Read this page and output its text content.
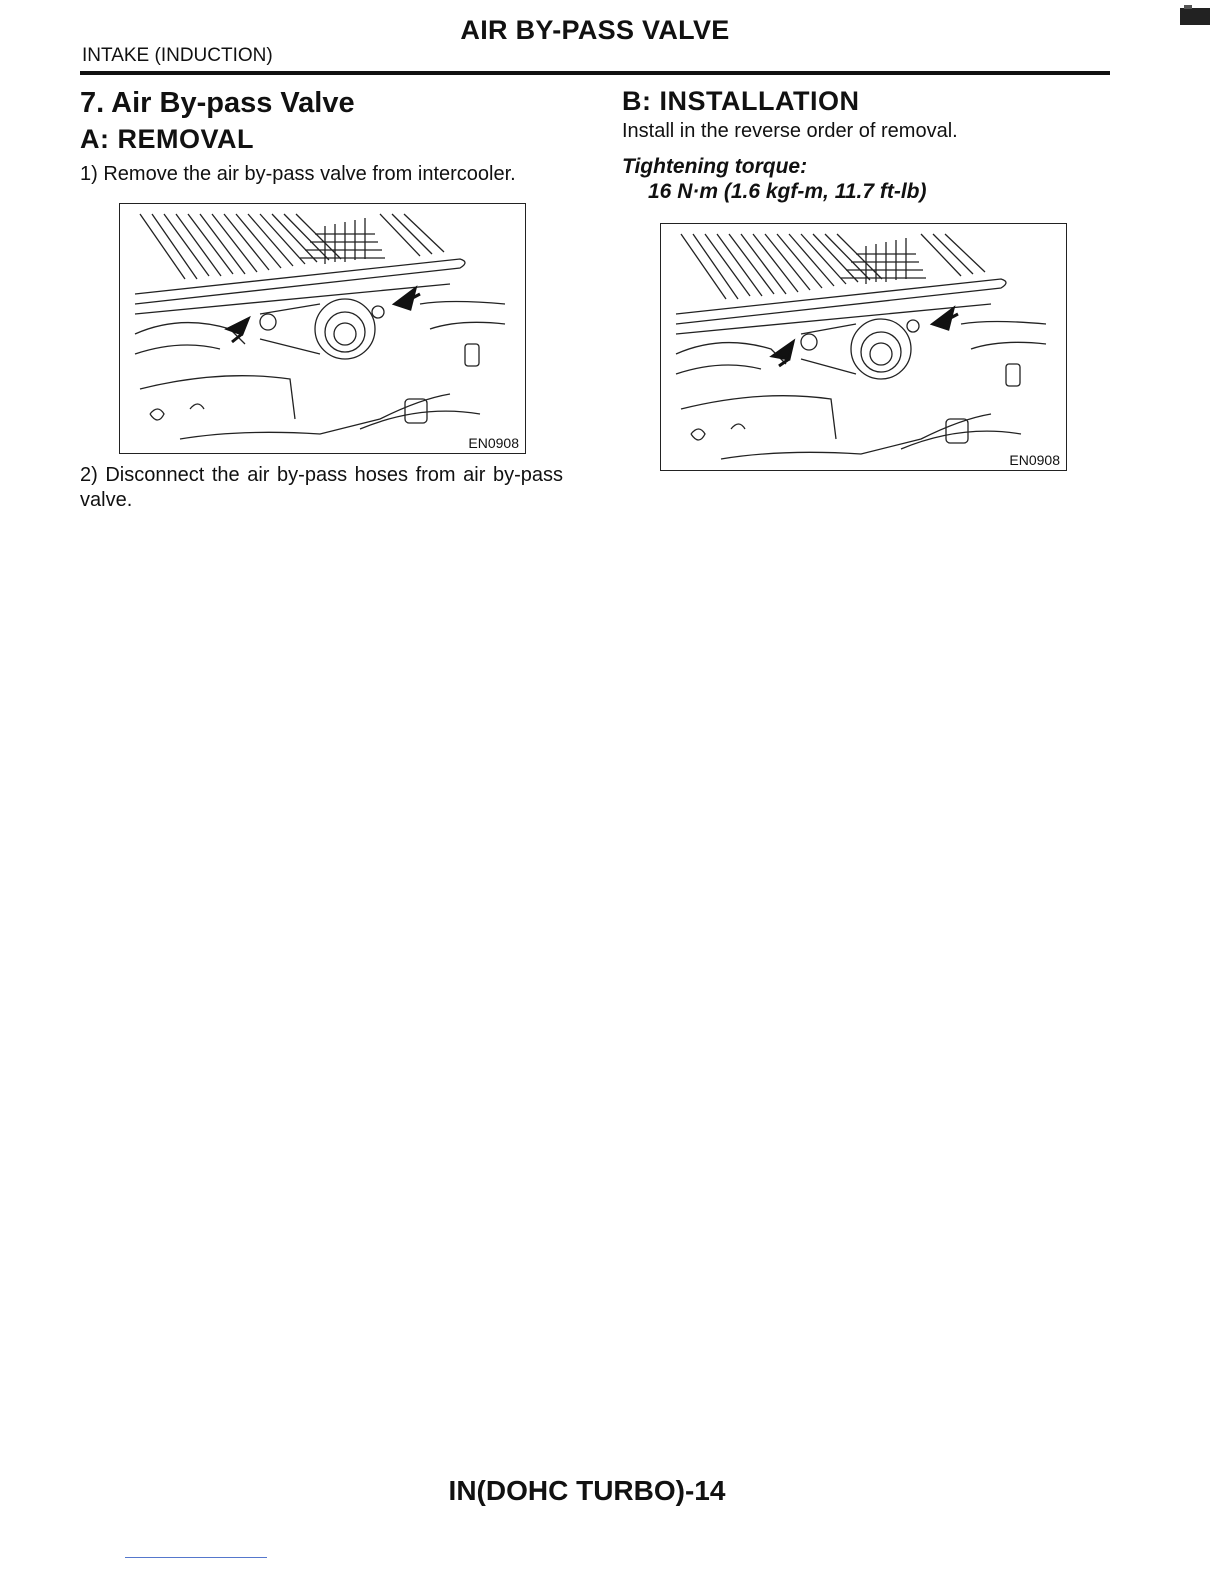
AIR BY-PASS VALVE
INTAKE (INDUCTION)
7. Air By-pass Valve
A: REMOVAL
1) Remove the air by-pass valve from intercooler.
EN0908
2) Disconnect the air by-pass hoses from air by-pass valve.
B: INSTALLATION
Install in the reverse order of removal.
Tightening torque:
16 N·m (1.6 kgf-m, 11.7 ft-lb)
EN0908
IN(DOHC TURBO)-14
